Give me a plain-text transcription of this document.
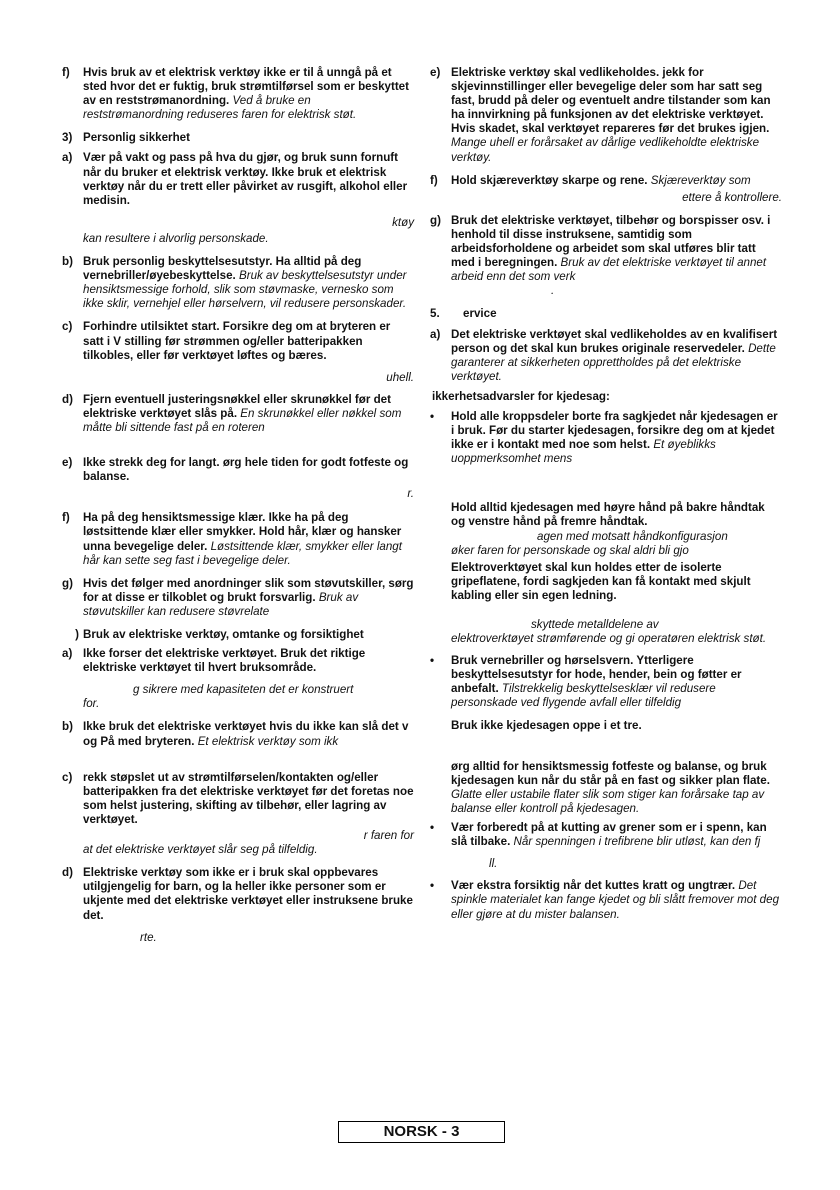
f)	Hvis bruk av et elektrisk verktøy ikke er til å unngå på et sted hvor det er fuktig, bruk strømtilførsel som er beskyttet av en reststrømanordning. Ved å bruke en reststrømanordning reduseres faren for elektrisk støt.
3) Personlig sikkerhet
a) Vær på vakt og pass på hva du gjør, og bruk sunn fornuft når du bruker et elektrisk verktøy. Ikke bruk et elektrisk verktøy når du er trett eller påvirket av rusgift, alkohol eller medisin.
ktøy
kan resultere i alvorlig personskade.
b) Bruk personlig beskyttelsesutstyr. Ha alltid på deg vernebriller/øyebeskyttelse. Bruk av beskyttelsesutstyr under hensiktsmessige forhold, slik som støvmaske, vernesko som ikke sklir, vernehjel eller hørselvern, vil redusere personskader.
c) Forhindre utilsiktet start. Forsikre deg om at bryteren er satt i V stilling før strømmen og/eller batteripakken tilkobles, eller før verktøyet løftes og bæres.
uhell.
d) Fjern eventuell justeringsnøkkel eller skrunøkkel før det elektriske verktøyet slås på. En skrunøkkel eller nøkkel som måtte bli sittende fast på en roteren
e) Ikke strekk deg for langt. ørg hele tiden for godt fotfeste og balanse.
r.
f)	Ha på deg hensiktsmessige klær. Ikke ha på deg løstsittende klær eller smykker. Hold hår, klær og hansker unna bevegelige deler. Løstsittende klær, smykker eller langt hår kan sette seg fast i bevegelige deler.
g) Hvis det følger med anordninger slik som støvutskiller, sørg for at disse er tilkoblet og brukt forsvarlig. Bruk av støvutskiller kan redusere støvrelate
) Bruk av elektriske verktøy, omtanke og forsiktighet
a) Ikke forser det elektriske verktøyet. Bruk det riktige elektriske verktøyet til hvert bruksområde.
g sikrere med kapasiteten det er konstruert
for.
b) Ikke bruk det elektriske verktøyet hvis du ikke kan slå det v og På med bryteren. Et elektrisk verktøy som ikk
c) rekk støpslet ut av strømtilførselen/kontakten og/eller batteripakken fra det elektriske verktøyet før det foretas noe som helst justering, skifting av tilbehør, eller lagring av verktøyet.
r faren for
at det elektriske verktøyet slår seg på tilfeldig.
d) Elektriske verktøy som ikke er i bruk skal oppbevares utilgjengelig for barn, og la heller ikke personer som er ukjente med det elektriske verktøyet eller instruksene bruke det.
rte.
e) Elektriske verktøy skal vedlikeholdes. jekk for skjevinnstillinger eller bevegelige deler som har satt seg fast, brudd på deler og eventuelt andre tilstander som kan ha innvirkning på funksjonen av det elektriske verktøyet. Hvis skadet, skal verktøyet repareres før det brukes igjen. Mange uhell er forårsaket av dårlige vedlikeholdte elektriske verktøy.
f)	Hold skjæreverktøy skarpe og rene. Skjæreverktøy som
ettere å kontrollere.
g) Bruk det elektriske verktøyet, tilbehør og borspisser osv. i henhold til disse instruksene, samtidig som arbeidsforholdene og arbeidet som skal utføres blir tatt med i beregningen. Bruk av det elektriske verktøyet til annet arbeid enn det som verk
.
5.	ervice
a) Det elektriske verktøyet skal vedlikeholdes av en kvalifisert person og det skal kun brukes originale reservedeler. Dette garanterer at sikkerheten opprettholdes på det elektriske verktøyet.
ikkerhetsadvarsler for kjedesag:
•	Hold alle kroppsdeler borte fra sagkjedet når kjedesagen er i bruk. Før du starter kjedesagen, forsikre deg om at kjedet ikke er i kontakt med noe som helst. Et øyeblikks uoppmerksomhet mens
Hold alltid kjedesagen med høyre hånd på bakre håndtak og venstre hånd på fremre håndtak.
agen med motsatt håndkonfigurasjon
øker faren for personskade og skal aldri bli gjo
Elektroverktøyet skal kun holdes etter de isolerte gripeflatene, fordi sagkjeden kan få kontakt med skjult kabling eller sin egen ledning.
skyttede metalldelene av
elektroverktøyet strømførende og gi operatøren elektrisk støt.
•	Bruk vernebriller og hørselsvern. Ytterligere beskyttelsesutstyr for hode, hender, bein og føtter er anbefalt. Tilstrekkelig beskyttelsesklær vil redusere personskade ved flygende avfall eller tilfeldig
Bruk ikke kjedesagen oppe i et tre.
ørg alltid for hensiktsmessig fotfeste og balanse, og bruk kjedesagen kun når du står på en fast og sikker plan flate. Glatte eller ustabile flater slik som stiger kan forårsake tap av balanse eller kontroll på kjedesagen.
•	Vær forberedt på at kutting av grener som er i spenn, kan slå tilbake. Når spenningen i trefibrene blir utløst, kan den fj
ll.
•	Vær ekstra forsiktig når det kuttes kratt og ungtrær. Det spinkle materialet kan fange kjedet og bli slått fremover mot deg eller gjøre at du mister balansen.
NORSK - 3
